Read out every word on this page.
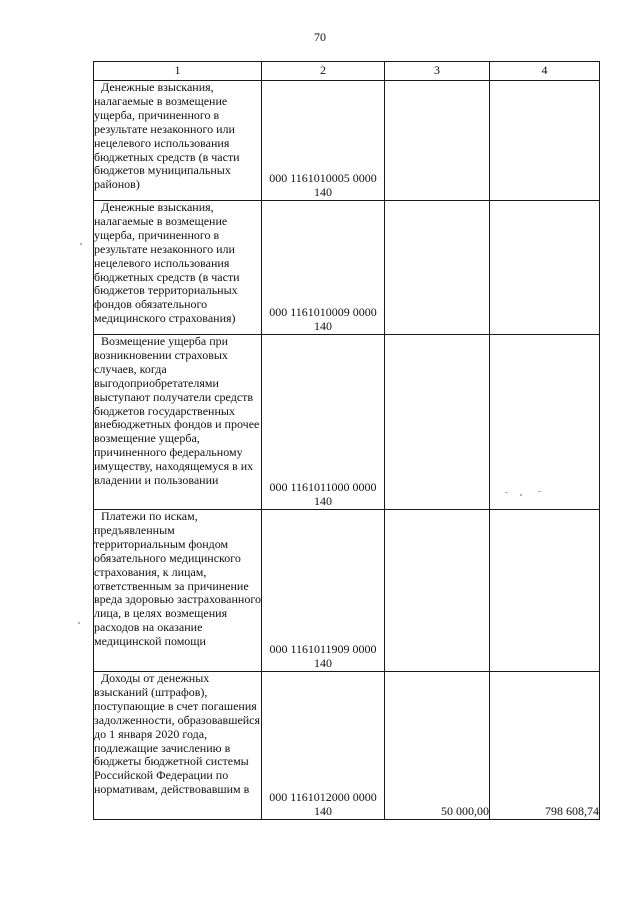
70
1	2	3	4
Денежные взыскания, налагаемые в возмещение ущерба, причиненного в результате незаконного или нецелевого использования бюджетных средств (в части бюджетов муниципальных районов)	000 1161010005 0000 140		
Денежные взыскания, налагаемые в возмещение ущерба, причиненного в результате незаконного или нецелевого использования бюджетных средств (в части бюджетов территориальных фондов обязательного медицинского страхования)	000 1161010009 0000 140		
Возмещение ущерба при возникновении страховых случаев, когда выгодоприобретателями выступают получатели средств бюджетов государственных внебюджетных фондов и прочее возмещение ущерба, причиненного федеральному имуществу, находящемуся в их владении и пользовании	000 1161011000 0000 140		
Платежи по искам, предъявленным территориальным фондом обязательного медицинского страхования, к лицам, ответственным за причинение вреда здоровью застрахованного лица, в целях возмещения расходов на оказание медицинской помощи	000 1161011909 0000 140		
Доходы от денежных взысканий (штрафов), поступающие в счет погашения задолженности, образовавшейся до 1 января 2020 года, подлежащие зачислению в бюджеты бюджетной системы Российской Федерации по нормативам, действовавшим в	000 1161012000 0000 140	50 000,00	798 608,74
